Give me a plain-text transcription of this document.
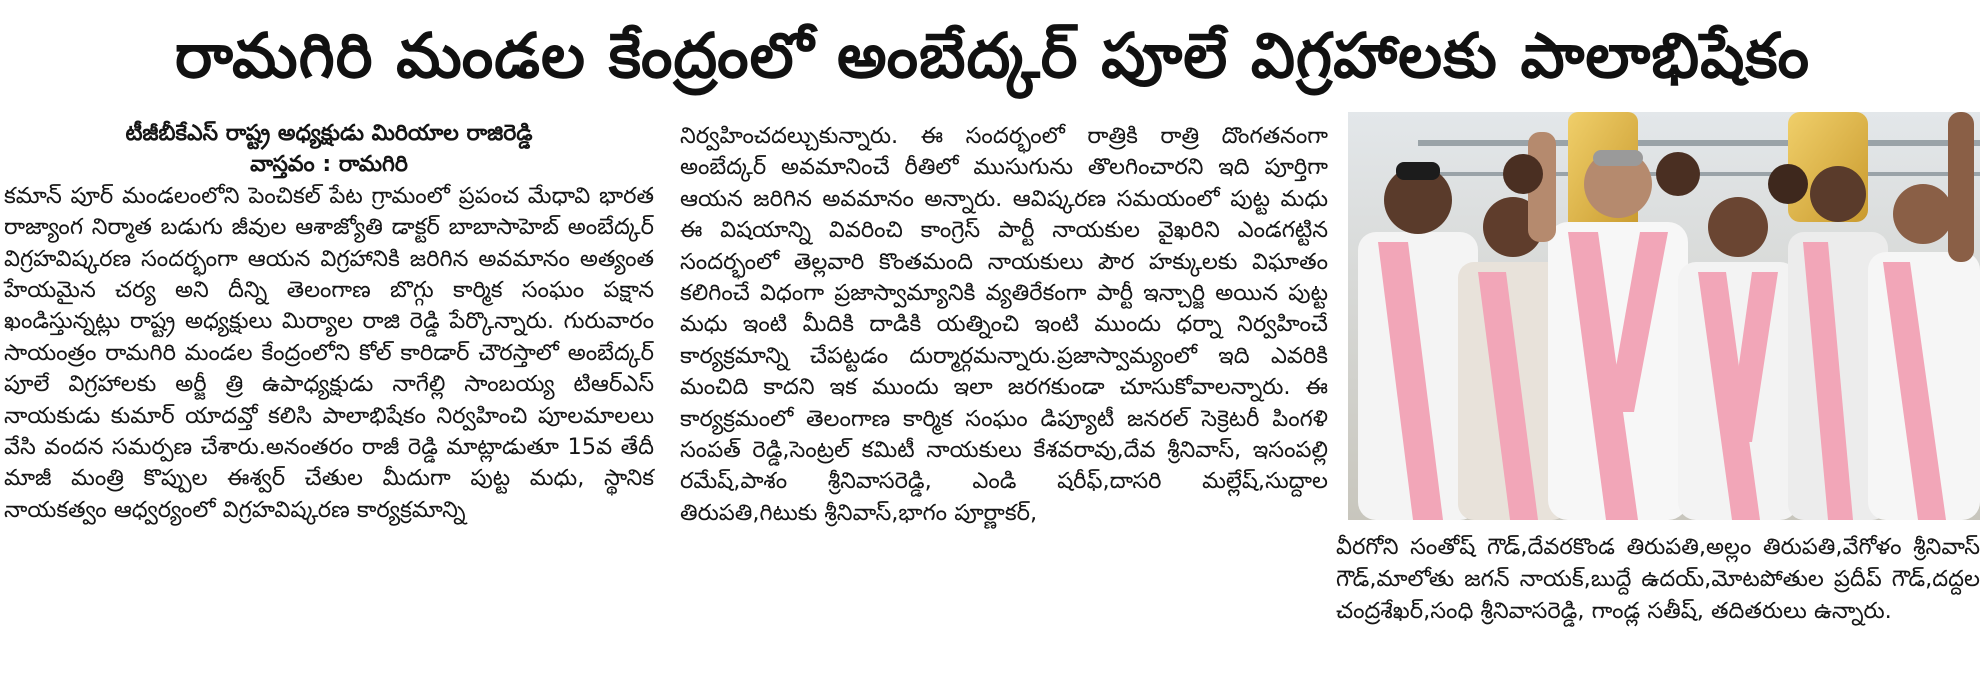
రామగిరి మండల కేంద్రంలో అంబేద్కర్ పూలే విగ్రహాలకు పాలాభిషేకం

టీజీబీకేఎస్ రాష్ట్ర అధ్యక్షుడు మిరియాల రాజిరెడ్డి

వాస్తవం : రామగిరి

కమాన్ పూర్ మండలంలోని పెంచికల్ పేట గ్రామంలో ప్రపంచ మేధావి భారత రాజ్యాంగ నిర్మాత బడుగు జీవుల ఆశాజ్యోతి డాక్టర్ బాబాసాహెబ్ అంబేద్కర్ విగ్రహవిష్కరణ సందర్భంగా ఆయన విగ్రహానికి జరిగిన అవమానం అత్యంత హేయమైన చర్య అని దీన్ని తెలంగాణ బొగ్గు కార్మిక సంఘం పక్షాన ఖండిస్తున్నట్లు రాష్ట్ర అధ్యక్షులు మిర్యాల రాజి రెడ్డి పేర్కొన్నారు. గురువారం సాయంత్రం రామగిరి మండల కేంద్రంలోని కోల్ కారిడార్ చౌరస్తాలో అంబేద్కర్ పూలే విగ్రహాలకు అర్జీ త్రి ఉపాధ్యక్షుడు నాగేల్లి సాంబయ్య టిఆర్ఎస్ నాయకుడు కుమార్ యాదవ్తో కలిసి పాలాభిషేకం నిర్వహించి పూలమాలలు వేసి వందన సమర్పణ చేశారు.అనంతరం రాజీ రెడ్డి మాట్లాడుతూ 15వ తేదీ మాజీ మంత్రి కొప్పుల ఈశ్వర్ చేతుల మీదుగా పుట్ట మధు, స్థానిక నాయకత్వం ఆధ్వర్యంలో విగ్రహవిష్కరణ కార్యక్రమాన్ని

నిర్వహించదల్చుకున్నారు. ఈ సందర్భంలో రాత్రికి రాత్రి దొంగతనంగా అంబేద్కర్ అవమానించే రీతిలో ముసుగును తొలగించారని ఇది పూర్తిగా ఆయన జరిగిన అవమానం అన్నారు. ఆవిష్కరణ సమయంలో పుట్ట మధు ఈ విషయాన్ని వివరించి కాంగ్రెస్ పార్టీ నాయకుల వైఖరిని ఎండగట్టిన సందర్భంలో తెల్లవారి కొంతమంది నాయకులు పౌర హక్కులకు విఘాతం కలిగించే విధంగా ప్రజాస్వామ్యానికి వ్యతిరేకంగా పార్టీ ఇన్చార్జి అయిన పుట్ట మధు ఇంటి మీదికి దాడికి యత్నించి ఇంటి ముందు ధర్నా నిర్వహించే కార్యక్రమాన్ని చేపట్టడం దుర్మార్గమన్నారు.ప్రజాస్వామ్యంలో ఇది ఎవరికి మంచిది కాదని ఇక ముందు ఇలా జరగకుండా చూసుకోవాలన్నారు. ఈ కార్యక్రమంలో తెలంగాణ కార్మిక సంఘం డిప్యూటీ జనరల్ సెక్రెటరీ పింగళి సంపత్ రెడ్డి,సెంట్రల్ కమిటీ నాయకులు కేశవరావు,దేవ శ్రీనివాస్, ఇసంపల్లి రమేష్,పాశం శ్రీనివాసరెడ్డి, ఎండి షరీఫ్,దాసరి మల్లేష్,సుద్దాల తిరుపతి,గిటుకు శ్రీనివాస్,భాగం పూర్ణాకర్,

వీరగోని సంతోష్ గౌడ్,దేవరకొండ తిరుపతి,అల్లం తిరుపతి,వేగోళం శ్రీనివాస్ గౌడ్,మాలోతు జగన్ నాయక్,బుద్దే ఉదయ్,మోటపోతుల ప్రదీప్ గౌడ్,దద్దల చంద్రశేఖర్,సంధి శ్రీనివాసరెడ్డి, గాండ్ల సతీష్, తదితరులు ఉన్నారు.
